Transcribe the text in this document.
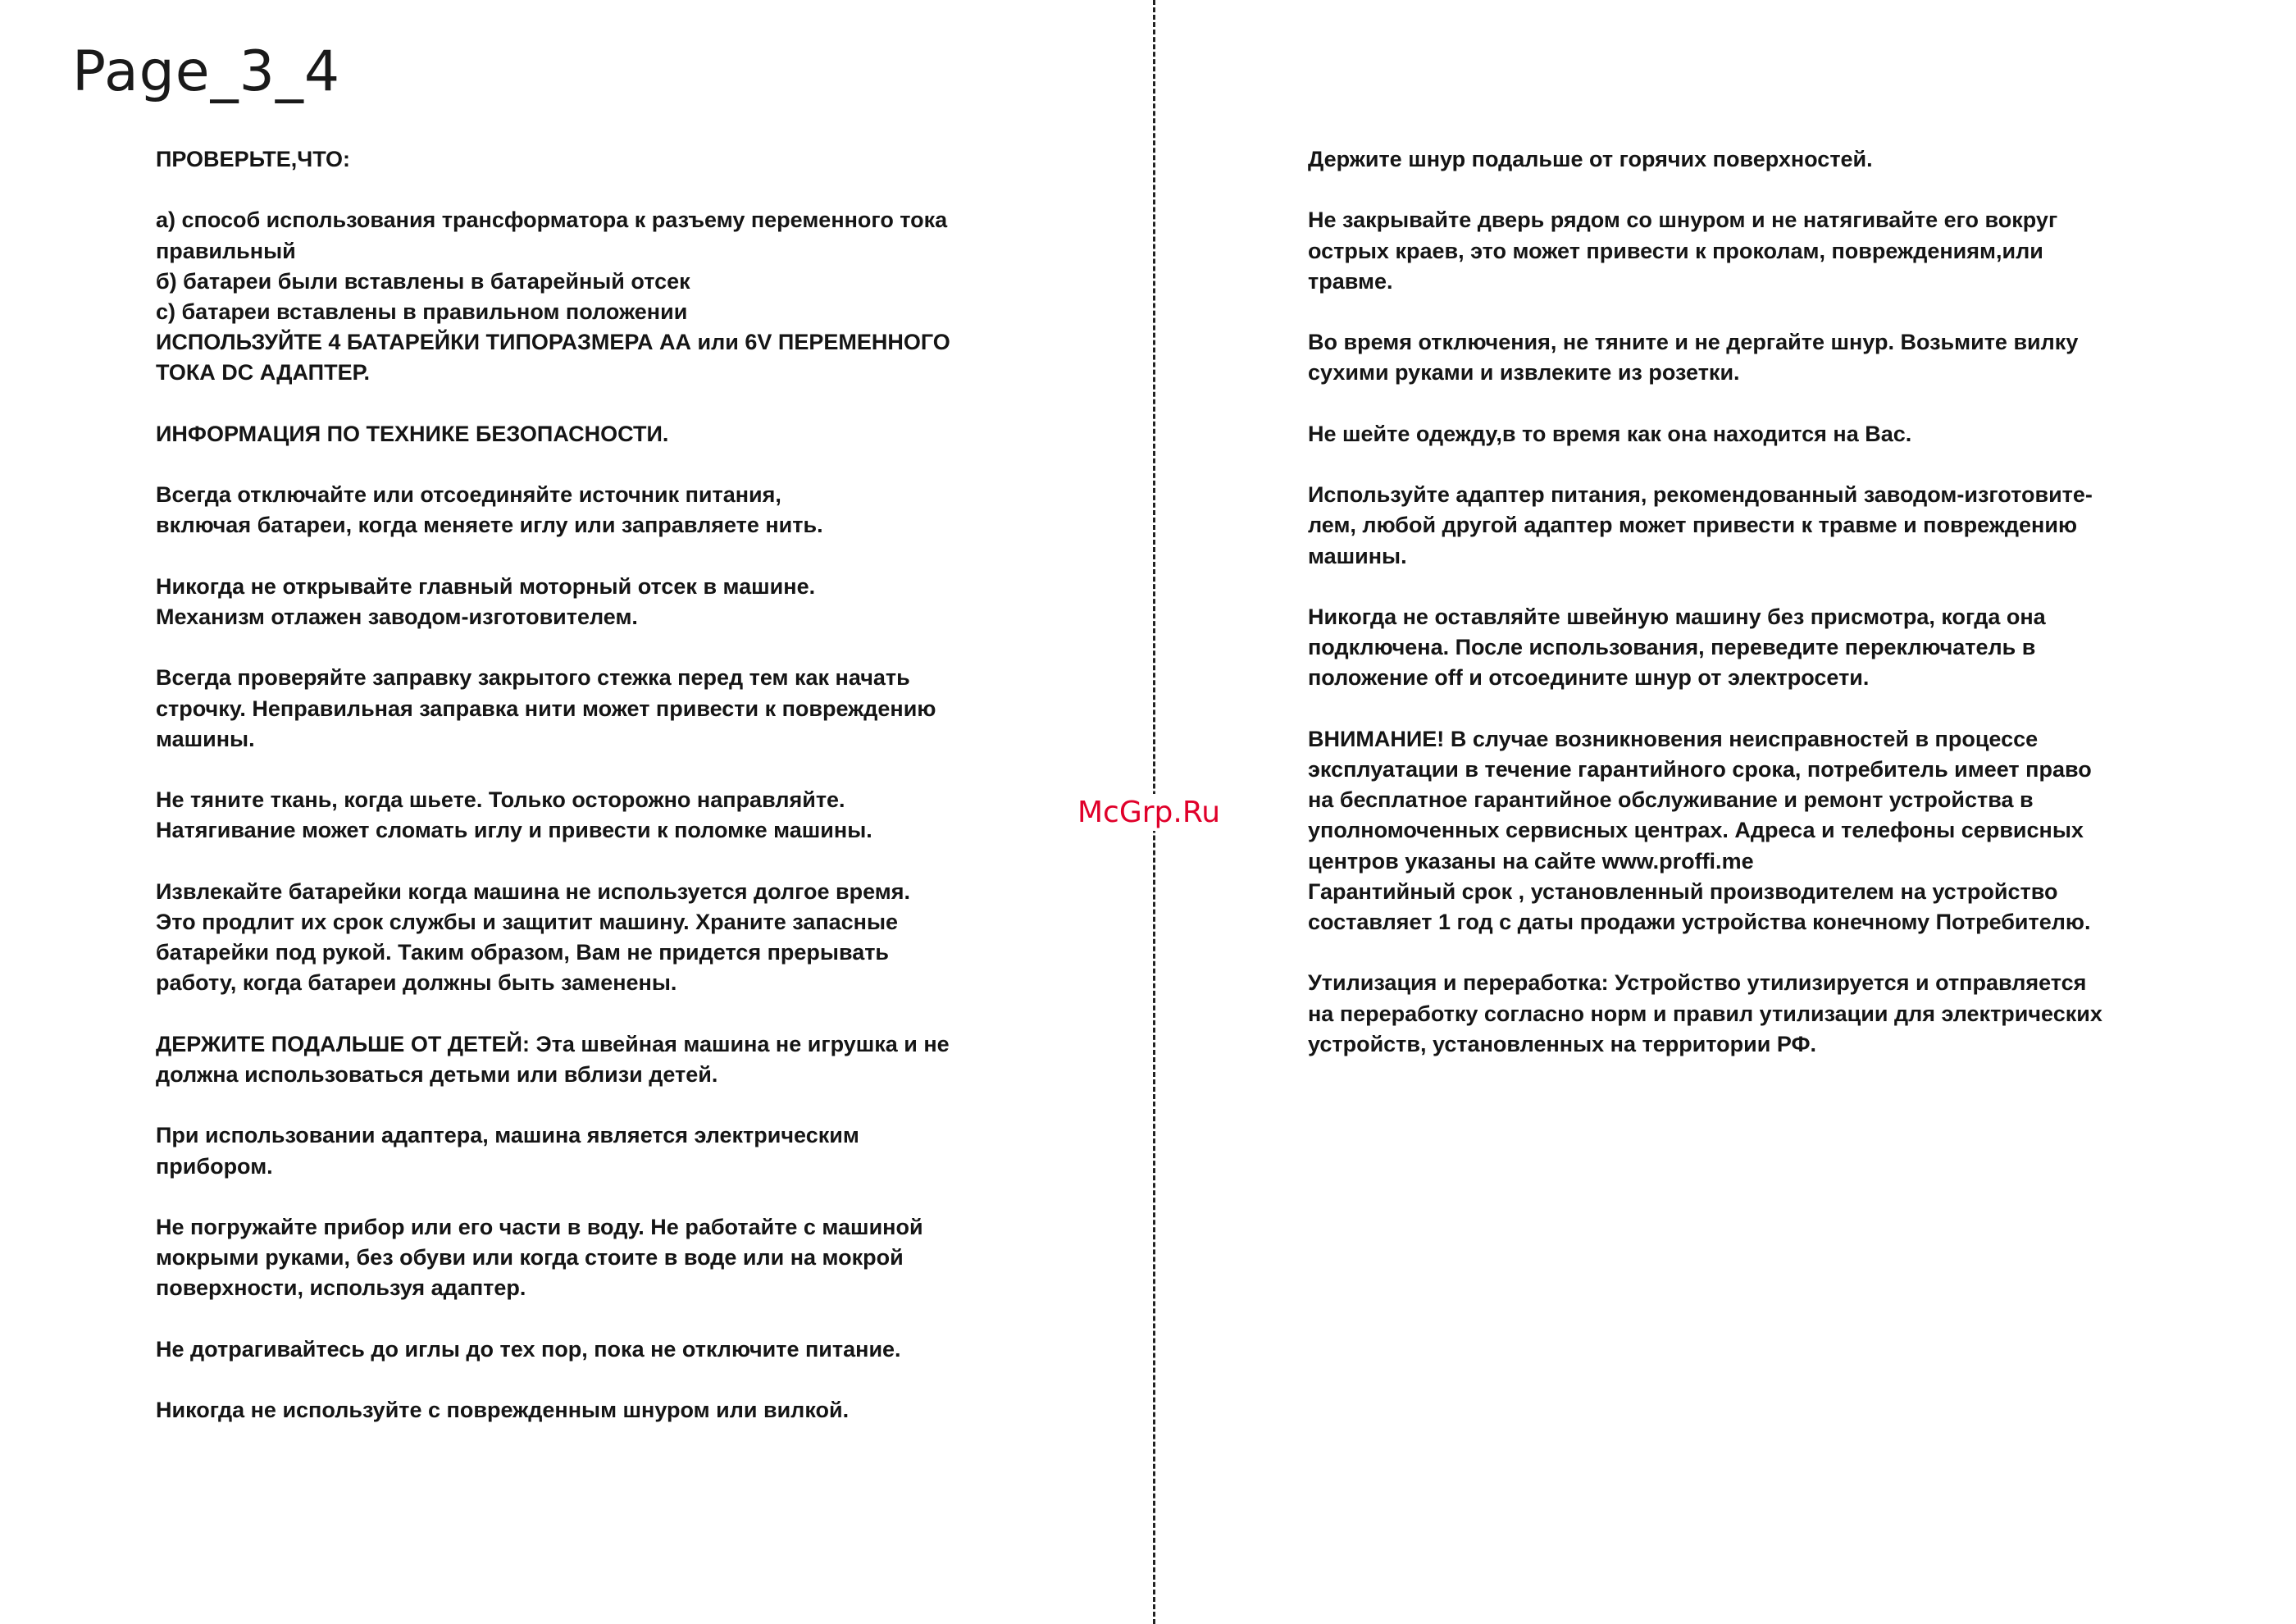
Page_3_4
McGrp.Ru

ПРОВЕРЬТЕ,ЧТО:

а) способ использования трансформатора к разъему переменного тока
правильный

б) батареи были вставлены в батарейный отсек

с) батареи вставлены в правильном положении

ИСПОЛЬЗУЙТЕ 4 БАТАРЕЙКИ ТИПОРАЗМЕРА АА или 6V ПЕРЕМЕННОГО
ТОКА DC АДАПТЕР.

ИНФОРМАЦИЯ ПО ТЕХНИКЕ БЕЗОПАСНОСТИ.

Всегда отключайте или отсоединяйте источник питания,
включая батареи, когда меняете иглу или заправляете нить.

Никогда не открывайте главный моторный отсек в машине.
Механизм отлажен заводом-изготовителем.

Всегда проверяйте заправку закрытого стежка перед тем как начать
строчку. Неправильная заправка нити может привести к повреждению
машины.

Не тяните ткань, когда шьете. Только осторожно направляйте.
Натягивание может сломать иглу и привести к поломке машины.

Извлекайте батарейки когда машина не используется долгое время.
Это продлит их срок службы и защитит машину. Храните запасные
батарейки под рукой. Таким образом, Вам не придется прерывать
работу, когда батареи должны быть заменены.

ДЕРЖИТЕ ПОДАЛЬШЕ ОТ ДЕТЕЙ: Эта швейная машина не игрушка и не
должна использоваться детьми или вблизи детей.

При использовании адаптера, машина является электрическим
прибором.

Не погружайте прибор или его части в воду. Не работайте с машиной
мокрыми руками, без обуви или когда стоите в воде или на мокрой
поверхности, используя адаптер.

Не дотрагивайтесь до иглы до тех пор, пока не отключите питание.

Никогда не используйте с поврежденным шнуром или вилкой.

Держите шнур подальше от горячих поверхностей.

Не закрывайте дверь рядом со шнуром и не натягивайте его вокруг
острых краев, это может привести к проколам, повреждениям,или
травме.

Во время отключения, не тяните и не дергайте шнур. Возьмите вилку
сухими руками и извлеките из розетки.

Не шейте одежду,в то время как она находится на Вас.

Используйте адаптер питания, рекомендованный заводом-изготовите-
лем, любой другой адаптер может привести к травме и повреждению
машины.

Никогда не оставляйте швейную машину без присмотра, когда она
подключена. После использования, переведите переключатель в
положение off и отсоедините шнур от электросети.

ВНИМАНИЕ! В случае возникновения неисправностей в процессе
эксплуатации в течение гарантийного срока, потребитель имеет право
на бесплатное гарантийное обслуживание и ремонт устройства в
уполномоченных сервисных центрах. Адреса и телефоны сервисных
центров указаны на сайте www.proffi.me
Гарантийный срок , установленный производителем на устройство
составляет 1 год с даты продажи устройства конечному Потребителю.

Утилизация и переработка: Устройство утилизируется и отправляется
на переработку согласно норм и правил утилизации для электрических
устройств, установленных на территории РФ.
